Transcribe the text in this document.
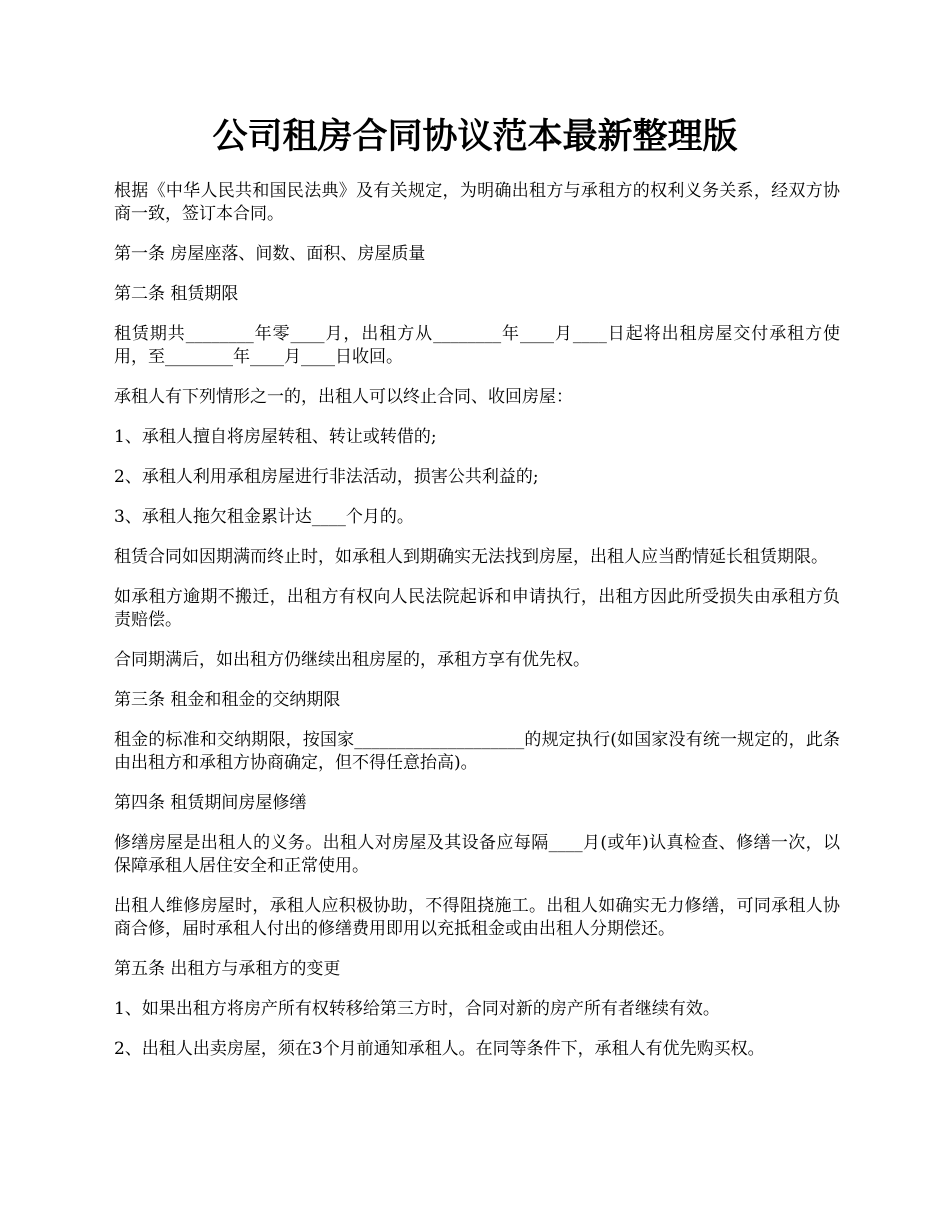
公司租房合同协议范本最新整理版

根据《中华人民共和国民法典》及有关规定，为明确出租方与承租方的权利义务关系，经双方协商一致，签订本合同。

第一条 房屋座落、间数、面积、房屋质量

第二条 租赁期限

租赁期共________年零____月，出租方从________年____月____日起将出租房屋交付承租方使用，至________年____月____日收回。

承租人有下列情形之一的，出租人可以终止合同、收回房屋：

1、承租人擅自将房屋转租、转让或转借的;

2、承租人利用承租房屋进行非法活动，损害公共利益的;

3、承租人拖欠租金累计达____个月的。

租赁合同如因期满而终止时，如承租人到期确实无法找到房屋，出租人应当酌情延长租赁期限。

如承租方逾期不搬迁，出租方有权向人民法院起诉和申请执行，出租方因此所受损失由承租方负责赔偿。

合同期满后，如出租方仍继续出租房屋的，承租方享有优先权。

第三条 租金和租金的交纳期限

租金的标准和交纳期限，按国家____________________的规定执行(如国家没有统一规定的，此条由出租方和承租方协商确定，但不得任意抬高)。

第四条 租赁期间房屋修缮

修缮房屋是出租人的义务。出租人对房屋及其设备应每隔____月(或年)认真检查、修缮一次，以保障承租人居住安全和正常使用。

出租人维修房屋时，承租人应积极协助，不得阻挠施工。出租人如确实无力修缮，可同承租人协商合修，届时承租人付出的修缮费用即用以充抵租金或由出租人分期偿还。

第五条 出租方与承租方的变更

1、如果出租方将房产所有权转移给第三方时，合同对新的房产所有者继续有效。

2、出租人出卖房屋，须在3个月前通知承租人。在同等条件下，承租人有优先购买权。
